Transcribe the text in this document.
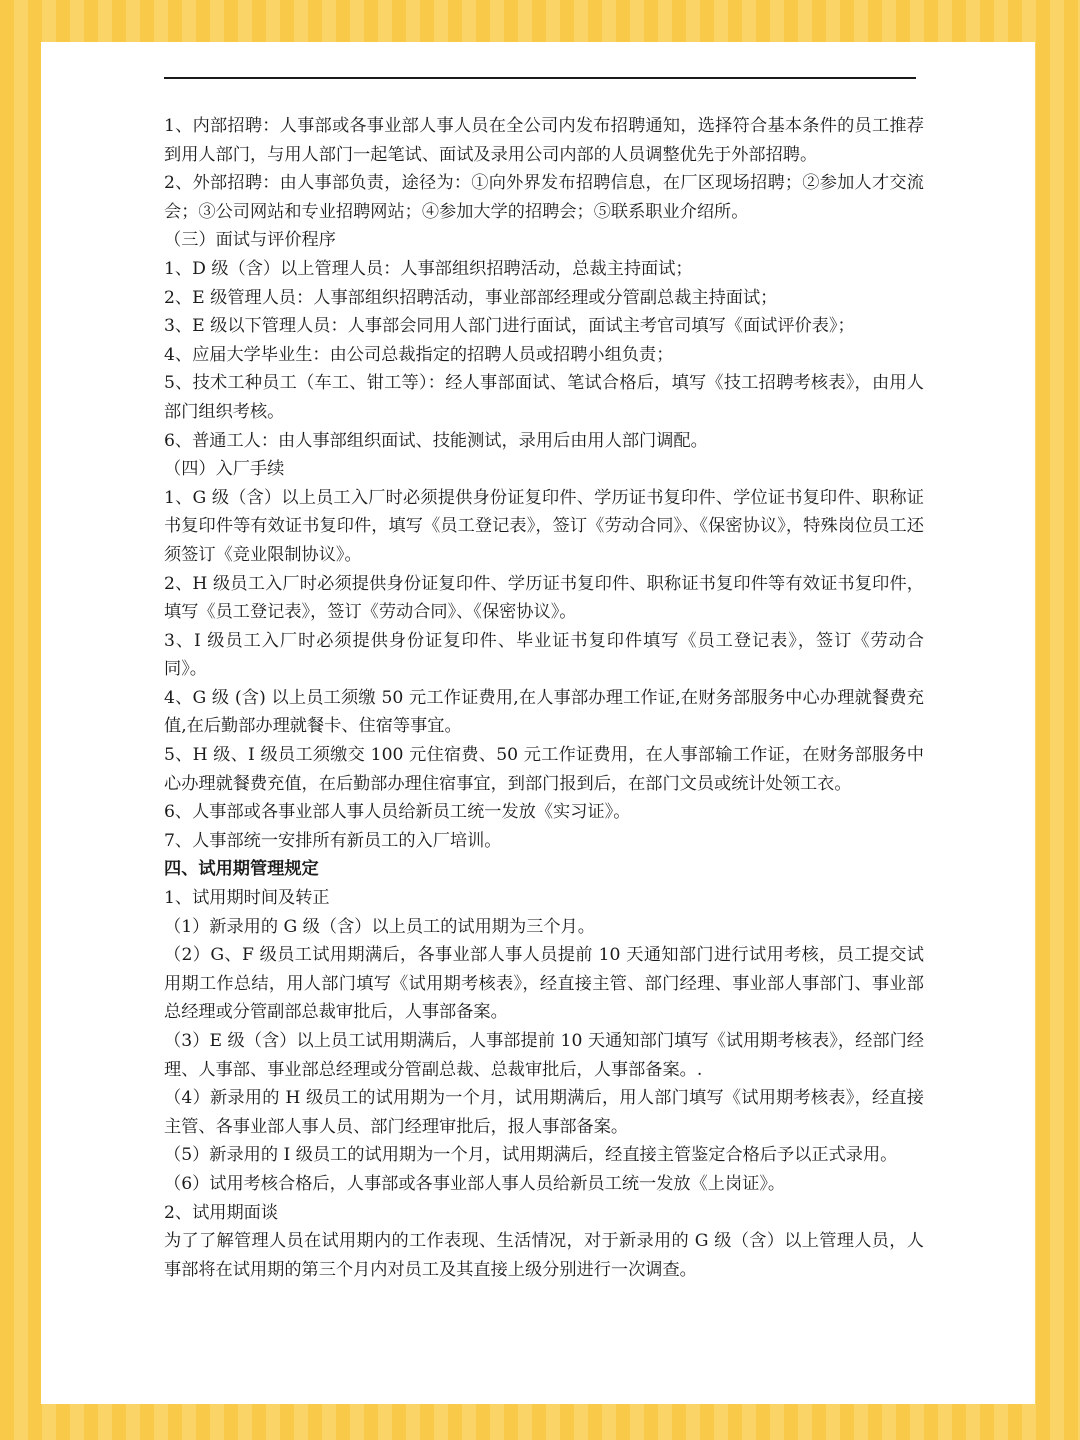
1、内部招聘：人事部或各事业部人事人员在全公司内发布招聘通知，选择符合基本条件的员工推荐到用人部门，与用人部门一起笔试、面试及录用公司内部的人员调整优先于外部招聘。

2、外部招聘：由人事部负责，途径为：①向外界发布招聘信息，在厂区现场招聘；②参加人才交流会；③公司网站和专业招聘网站；④参加大学的招聘会；⑤联系职业介绍所。

（三）面试与评价程序

1、D 级（含）以上管理人员：人事部组织招聘活动，总裁主持面试；

2、E 级管理人员：人事部组织招聘活动，事业部部经理或分管副总裁主持面试；

3、E 级以下管理人员：人事部会同用人部门进行面试，面试主考官司填写《面试评价表》；

4、应届大学毕业生：由公司总裁指定的招聘人员或招聘小组负责；

5、技术工种员工（车工、钳工等）：经人事部面试、笔试合格后，填写《技工招聘考核表》，由用人部门组织考核。

6、普通工人：由人事部组织面试、技能测试，录用后由用人部门调配。

（四）入厂手续

1、G 级（含）以上员工入厂时必须提供身份证复印件、学历证书复印件、学位证书复印件、职称证书复印件等有效证书复印件，填写《员工登记表》，签订《劳动合同》、《保密协议》，特殊岗位员工还须签订《竞业限制协议》。

2、H 级员工入厂时必须提供身份证复印件、学历证书复印件、职称证书复印件等有效证书复印件，填写《员工登记表》，签订《劳动合同》、《保密协议》。

3、I 级员工入厂时必须提供身份证复印件、毕业证书复印件填写《员工登记表》，签订《劳动合同》。

4、G 级 (含) 以上员工须缴 50 元工作证费用,在人事部办理工作证,在财务部服务中心办理就餐费充值,在后勤部办理就餐卡、住宿等事宜。

5、H 级、I 级员工须缴交 100 元住宿费、50 元工作证费用，在人事部输工作证，在财务部服务中心办理就餐费充值，在后勤部办理住宿事宜，到部门报到后，在部门文员或统计处领工衣。

6、人事部或各事业部人事人员给新员工统一发放《实习证》。

7、人事部统一安排所有新员工的入厂培训。

四、试用期管理规定

1、试用期时间及转正

（1）新录用的 G 级（含）以上员工的试用期为三个月。

（2）G、F 级员工试用期满后，各事业部人事人员提前 10 天通知部门进行试用考核，员工提交试用期工作总结，用人部门填写《试用期考核表》，经直接主管、部门经理、事业部人事部门、事业部总经理或分管副部总裁审批后，人事部备案。

（3）E 级（含）以上员工试用期满后，人事部提前 10 天通知部门填写《试用期考核表》，经部门经理、人事部、事业部总经理或分管副总裁、总裁审批后，人事部备案。.

（4）新录用的 H 级员工的试用期为一个月，试用期满后，用人部门填写《试用期考核表》，经直接主管、各事业部人事人员、部门经理审批后，报人事部备案。

（5）新录用的 I 级员工的试用期为一个月，试用期满后，经直接主管鉴定合格后予以正式录用。

（6）试用考核合格后，人事部或各事业部人事人员给新员工统一发放《上岗证》。

2、试用期面谈

为了了解管理人员在试用期内的工作表现、生活情况，对于新录用的 G 级（含）以上管理人员，人事部将在试用期的第三个月内对员工及其直接上级分别进行一次调查。
